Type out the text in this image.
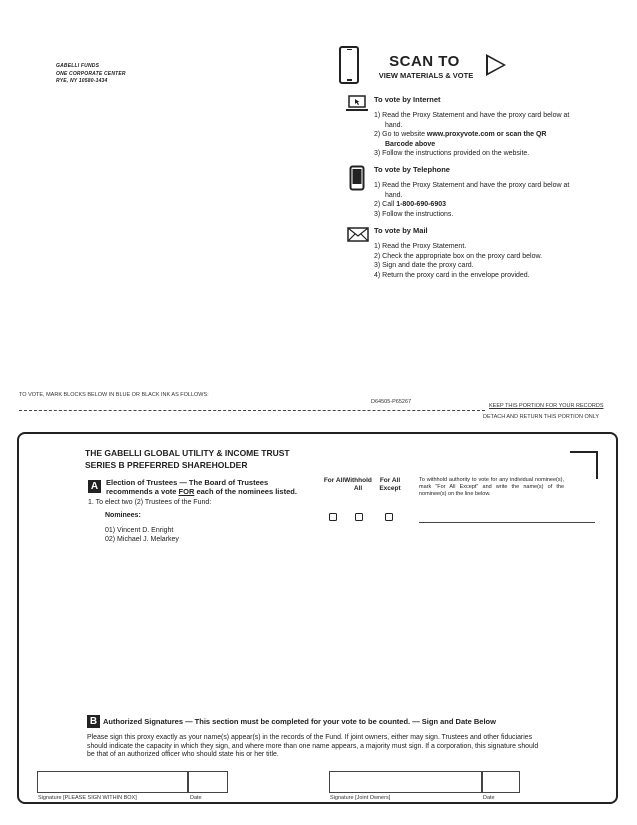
GABELLI FUNDS
ONE CORPORATE CENTER
RYE, NY 10580-1434
SCAN TO
VIEW MATERIALS & VOTE
To vote by Internet
1) Read the Proxy Statement and have the proxy card below at hand.
2) Go to website www.proxyvote.com or scan the QR Barcode above
3) Follow the instructions provided on the website.
To vote by Telephone
1) Read the Proxy Statement and have the proxy card below at hand.
2) Call 1-800-690-6903
3) Follow the instructions.
To vote by Mail
1) Read the Proxy Statement.
2) Check the appropriate box on the proxy card below.
3) Sign and date the proxy card.
4) Return the proxy card in the envelope provided.
TO VOTE, MARK BLOCKS BELOW IN BLUE OR BLACK INK AS FOLLOWS:
D64505-P65267
KEEP THIS PORTION FOR YOUR RECORDS
DETACH AND RETURN THIS PORTION ONLY
THE GABELLI GLOBAL UTILITY & INCOME TRUST
SERIES B PREFERRED SHAREHOLDER
A	Election of Trustees — The Board of Trustees
recommends a vote FOR each of the nominees listed.
1. To elect two (2) Trustees of the Fund:
Nominees:
01) Vincent D. Enright
02) Michael J. Melarkey
For All Withhold All
For All Except
To withhold authority to vote for any individual nominee(s), mark "For All Except" and write the name(s) of the nominee(s) on the line below.
B Authorized Signatures — This section must be completed for your vote to be counted. — Sign and Date Below
Please sign this proxy exactly as your name(s) appear(s) in the records of the Fund. If joint owners, either may sign. Trustees and other fiduciaries should indicate the capacity in which they sign, and where more than one name appears, a majority must sign. If a corporation, this signature should be that of an authorized officer who should state his or her title.
Signature [PLEASE SIGN WITHIN BOX]	Date	Signature [Joint Owners]	Date
